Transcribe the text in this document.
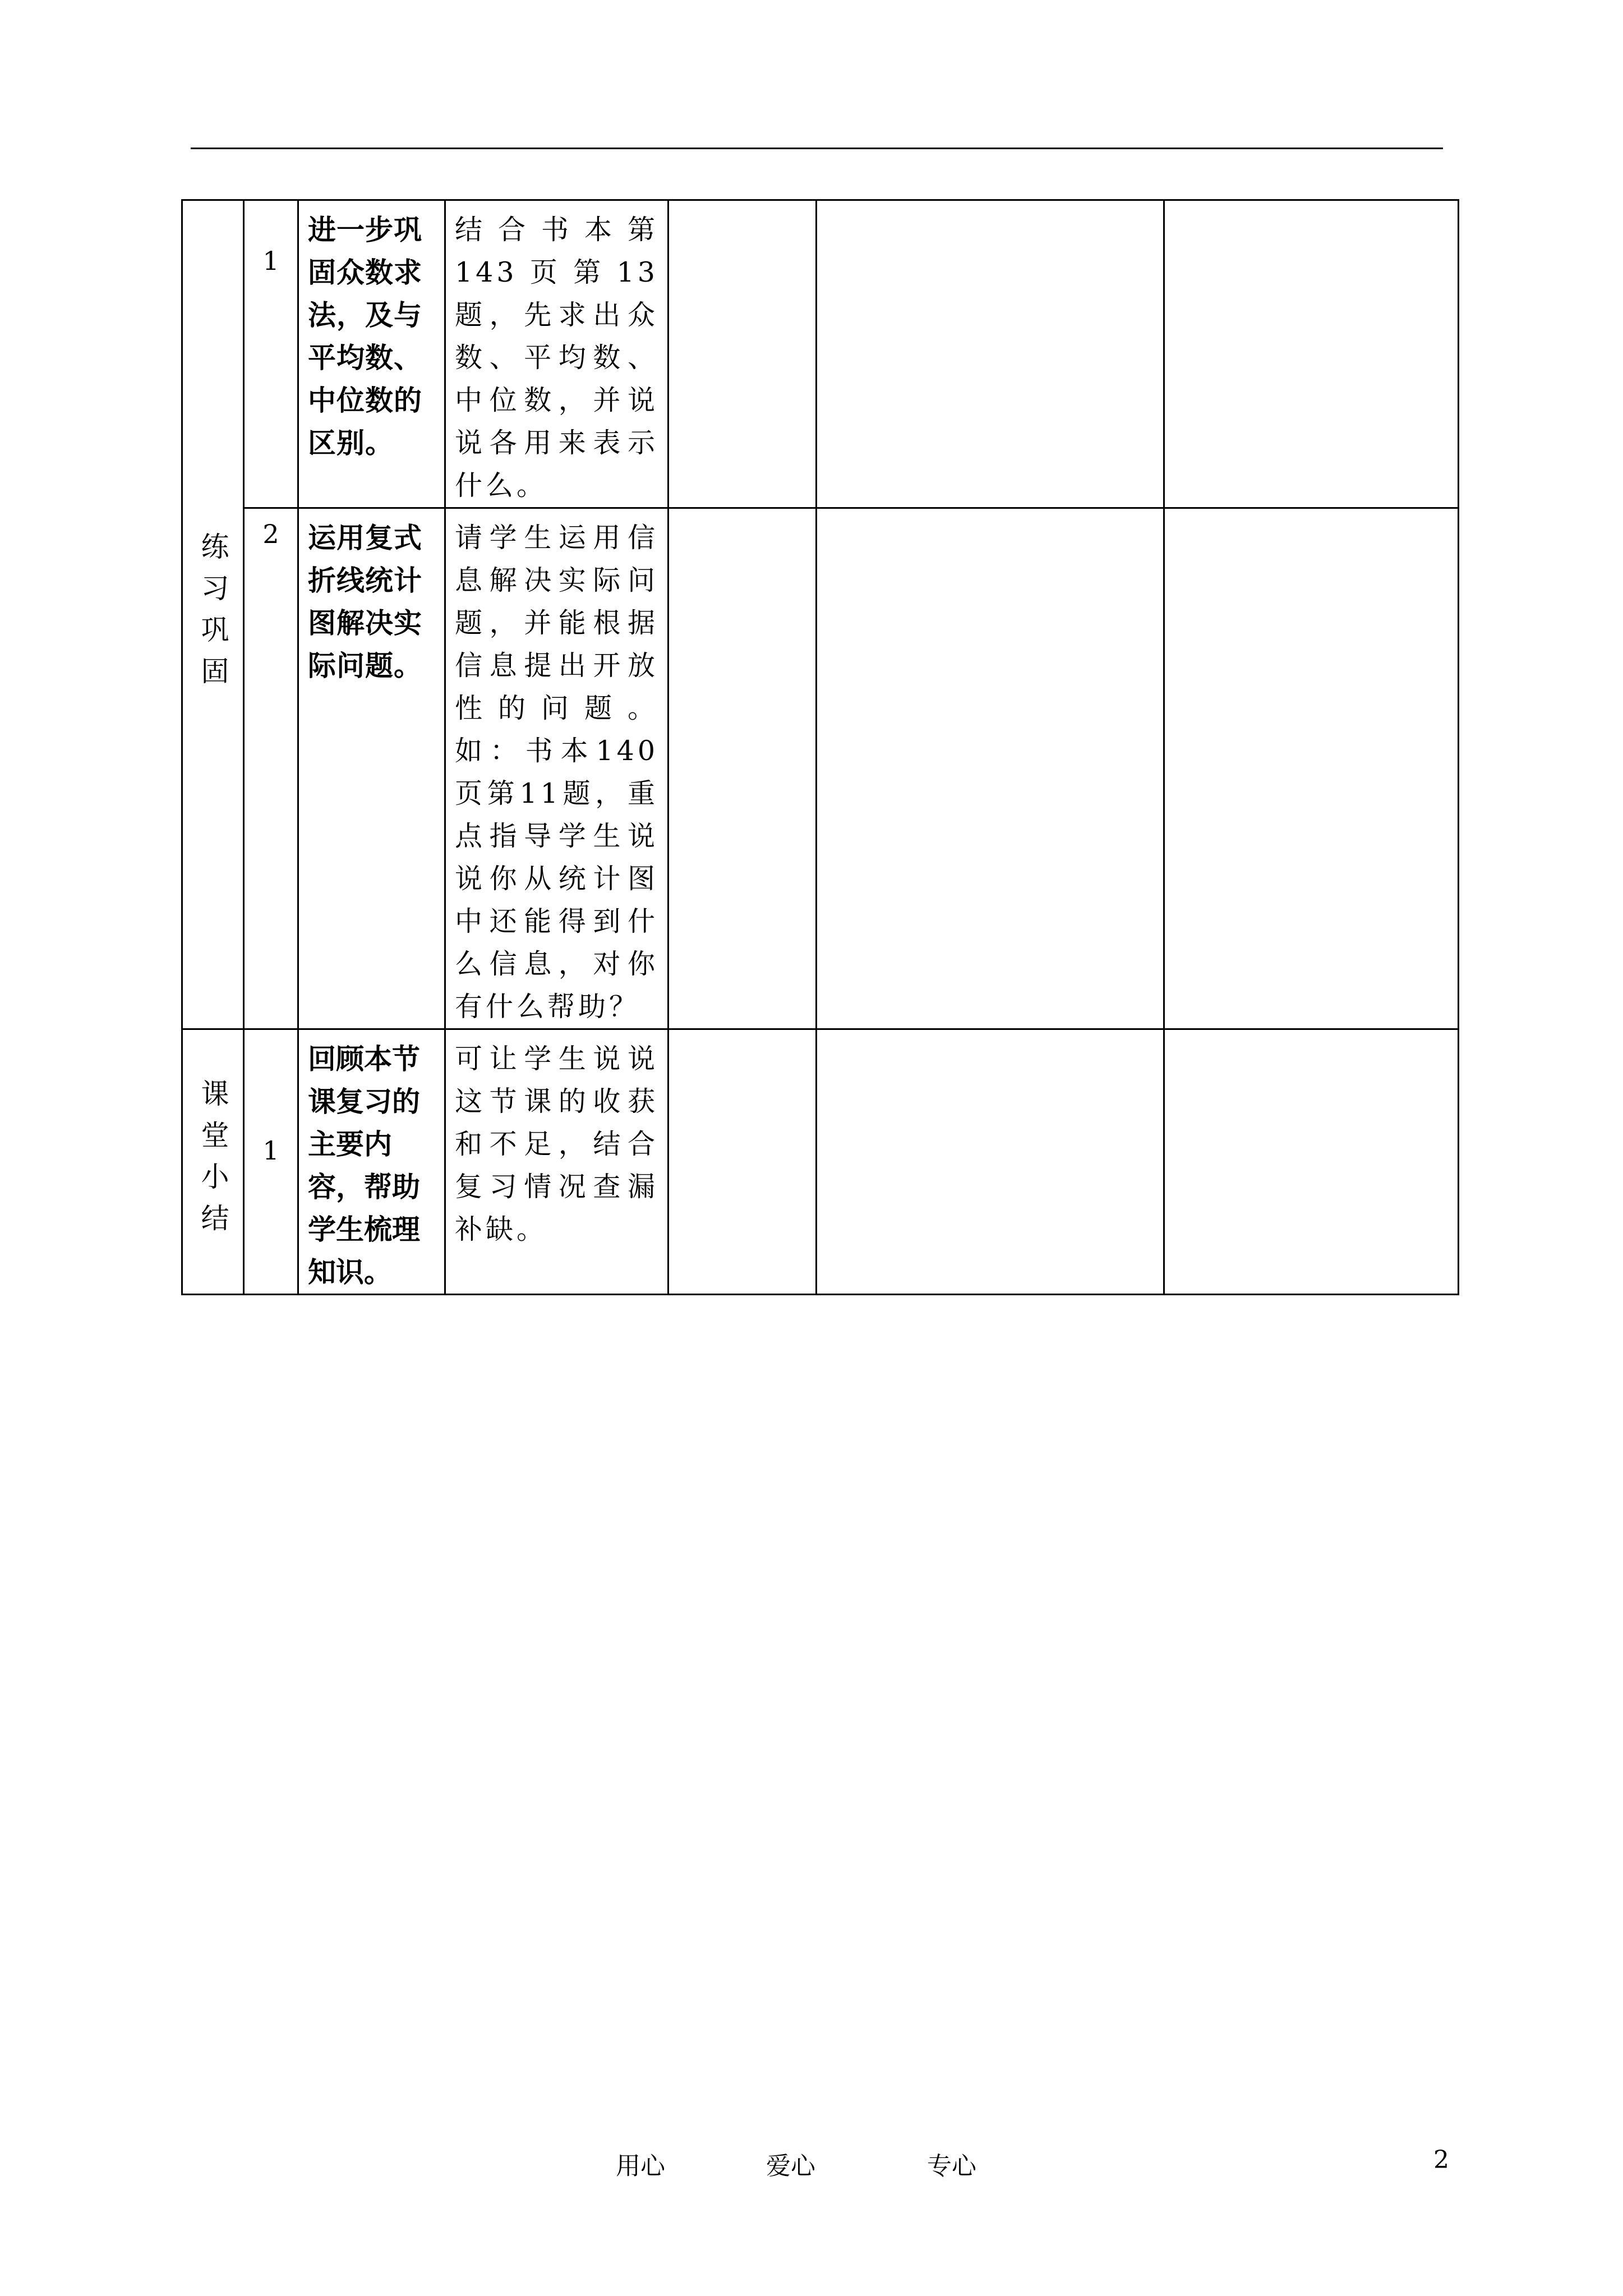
练习巩固	1	进一步巩固众数求法，及与平均数、中位数的区别。	结合书本第143页第13题，先求出众数、平均数、中位数，并说说各用来表示什么。			

	2	运用复式折线统计图解决实际问题。	请学生运用信息解决实际问题，并能根据信息提出开放性的问题。如：书本140页第11题，重点指导学生说说你从统计图中还能得到什么信息，对你有什么帮助？			

课堂小结	1	回顾本节课复习的主要内容，帮助学生梳理知识。	可让学生说说这节课的收获和不足，结合复习情况查漏补缺。			

用心	爱心	专心	2
